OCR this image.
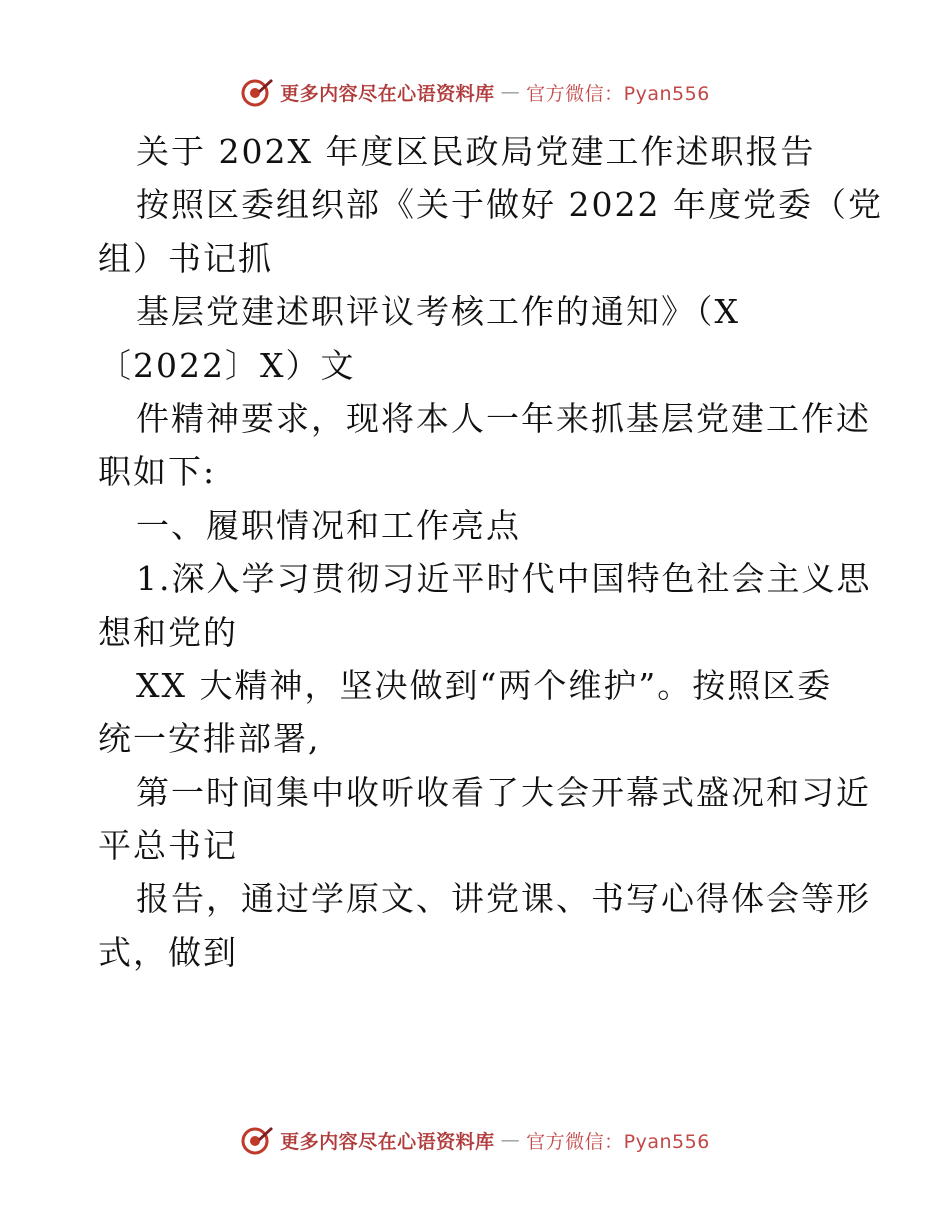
更多内容尽在心语资料库 — 官方微信：Pyan556
关于 202X 年度区民政局党建工作述职报告
按照区委组织部《关于做好 2022 年度党委（党
组）书记抓
基层党建述职评议考核工作的通知》（X
〔2022〕X）文
件精神要求，现将本人一年来抓基层党建工作述
职如下:
一、履职情况和工作亮点
1.深入学习贯彻习近平时代中国特色社会主义思
想和党的
XX 大精神，坚决做到“两个维护”。按照区委
统一安排部署,
第一时间集中收听收看了大会开幕式盛况和习近
平总书记
报告，通过学原文、讲党课、书写心得体会等形
式，做到
更多内容尽在心语资料库 — 官方微信：Pyan556
